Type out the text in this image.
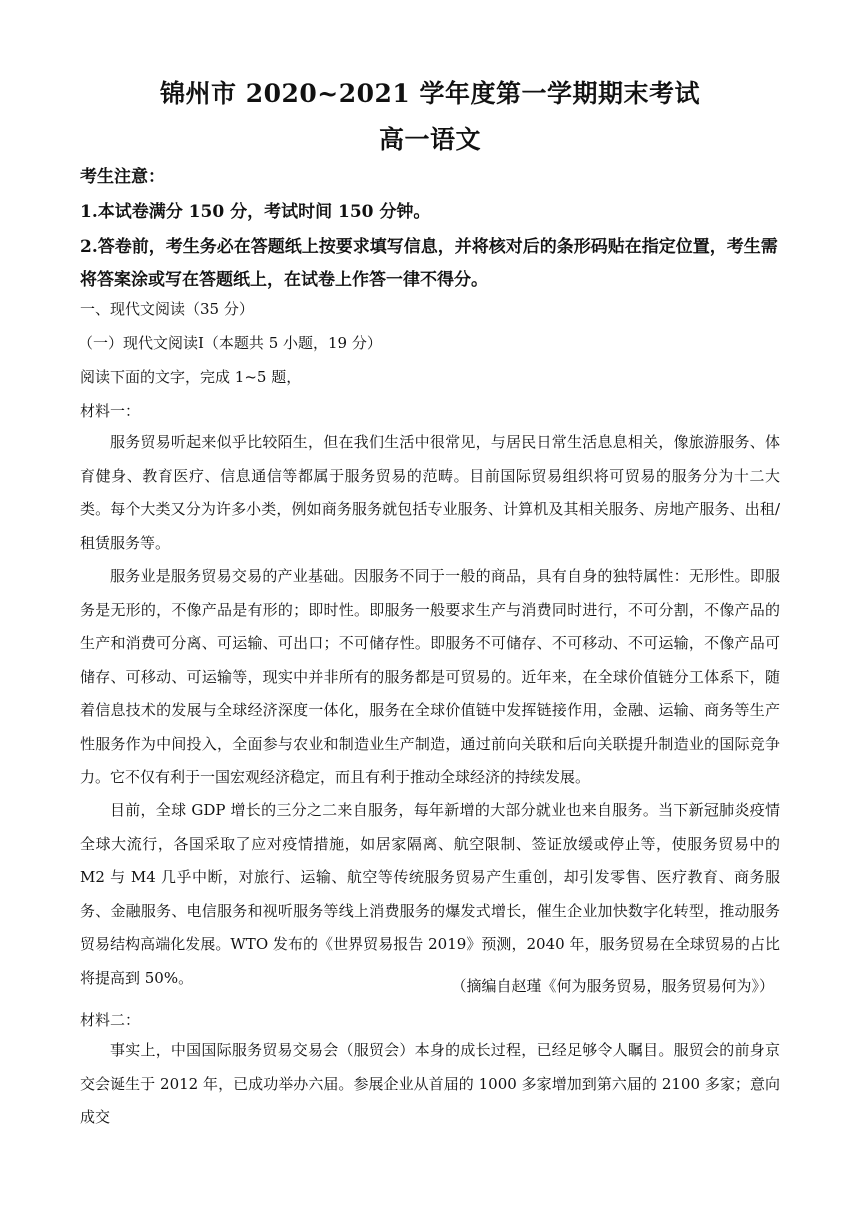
锦州市 2020~2021 学年度第一学期期末考试
高一语文
考生注意：
1.本试卷满分 150 分，考试时间 150 分钟。
2.答卷前，考生务必在答题纸上按要求填写信息，并将核对后的条形码贴在指定位置，考生需
将答案涂或写在答题纸上，在试卷上作答一律不得分。
一、现代文阅读（35 分）
（一）现代文阅读Ⅰ（本题共 5 小题，19 分）
阅读下面的文字，完成 1~5 题，
材料一：

服务贸易听起来似乎比较陌生，但在我们生活中很常见，与居民日常生活息息相关，像旅游服务、体育健身、教育医疗、信息通信等都属于服务贸易的范畴。目前国际贸易组织将可贸易的服务分为十二大类。每个大类又分为许多小类，例如商务服务就包括专业服务、计算机及其相关服务、房地产服务、出租/租赁服务等。

服务业是服务贸易交易的产业基础。因服务不同于一般的商品，具有自身的独特属性：无形性。即服务是无形的，不像产品是有形的；即时性。即服务一般要求生产与消费同时进行，不可分割，不像产品的生产和消费可分离、可运输、可出口；不可储存性。即服务不可储存、不可移动、不可运输，不像产品可储存、可移动、可运输等，现实中并非所有的服务都是可贸易的。近年来，在全球价值链分工体系下，随着信息技术的发展与全球经济深度一体化，服务在全球价值链中发挥链接作用，金融、运输、商务等生产性服务作为中间投入，全面参与农业和制造业生产制造，通过前向关联和后向关联提升制造业的国际竞争力。它不仅有利于一国宏观经济稳定，而且有利于推动全球经济的持续发展。

目前，全球 GDP 增长的三分之二来自服务，每年新增的大部分就业也来自服务。当下新冠肺炎疫情全球大流行，各国采取了应对疫情措施，如居家隔离、航空限制、签证放缓或停止等，使服务贸易中的 M2 与 M4 几乎中断，对旅行、运输、航空等传统服务贸易产生重创，却引发零售、医疗教育、商务服务、金融服务、电信服务和视听服务等线上消费服务的爆发式增长，催生企业加快数字化转型，推动服务贸易结构高端化发展。WTO 发布的《世界贸易报告 2019》预测，2040 年，服务贸易在全球贸易的占比将提高到 50%。	（摘编自赵瑾《何为服务贸易，服务贸易何为》）
材料二：

事实上，中国国际服务贸易交易会（服贸会）本身的成长过程，已经足够令人瞩目。服贸会的前身京交会诞生于 2012 年，已成功举办六届。参展企业从首届的 1000 多家增加到第六届的 2100 多家；意向成交
